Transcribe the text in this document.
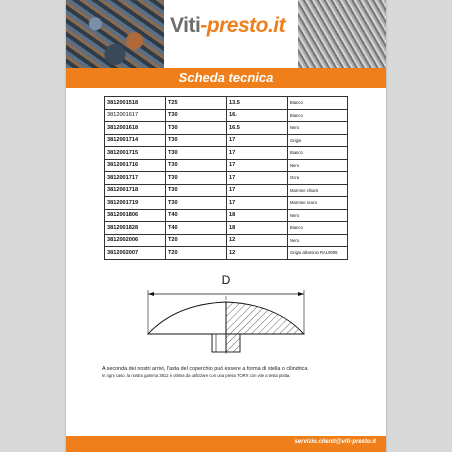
Viti-presto.it
Scheda tecnica
3812001518	T25	13.5	Bianco
3812001617	T30	16.	Bianco
3812001618	T30	16.5	Nero
3812001714	T30	17	Grigio
3812001715	T30	17	Bianco
3812001716	T30	17	Nero
3812001717	T30	17	Ocra
3812001718	T30	17	Marrone chiaro
3812001719	T30	17	Marrone scuro
3812001806	T40	18	Nero
3812001828	T40	18	Bianco
3812002006	T20	12	Nero
3812002007	T20	12	Grigio alluminio RAL9006
D
A seconda dei nostri arrivi, l'asta del coperchio può essere a forma di stella o cilindrica.
In ogni caso, la nostra gamma 3812 è ottima da utilizzare con una presa TORX con vite a testa piatta.
servizio.clienti@viti-presto.it
